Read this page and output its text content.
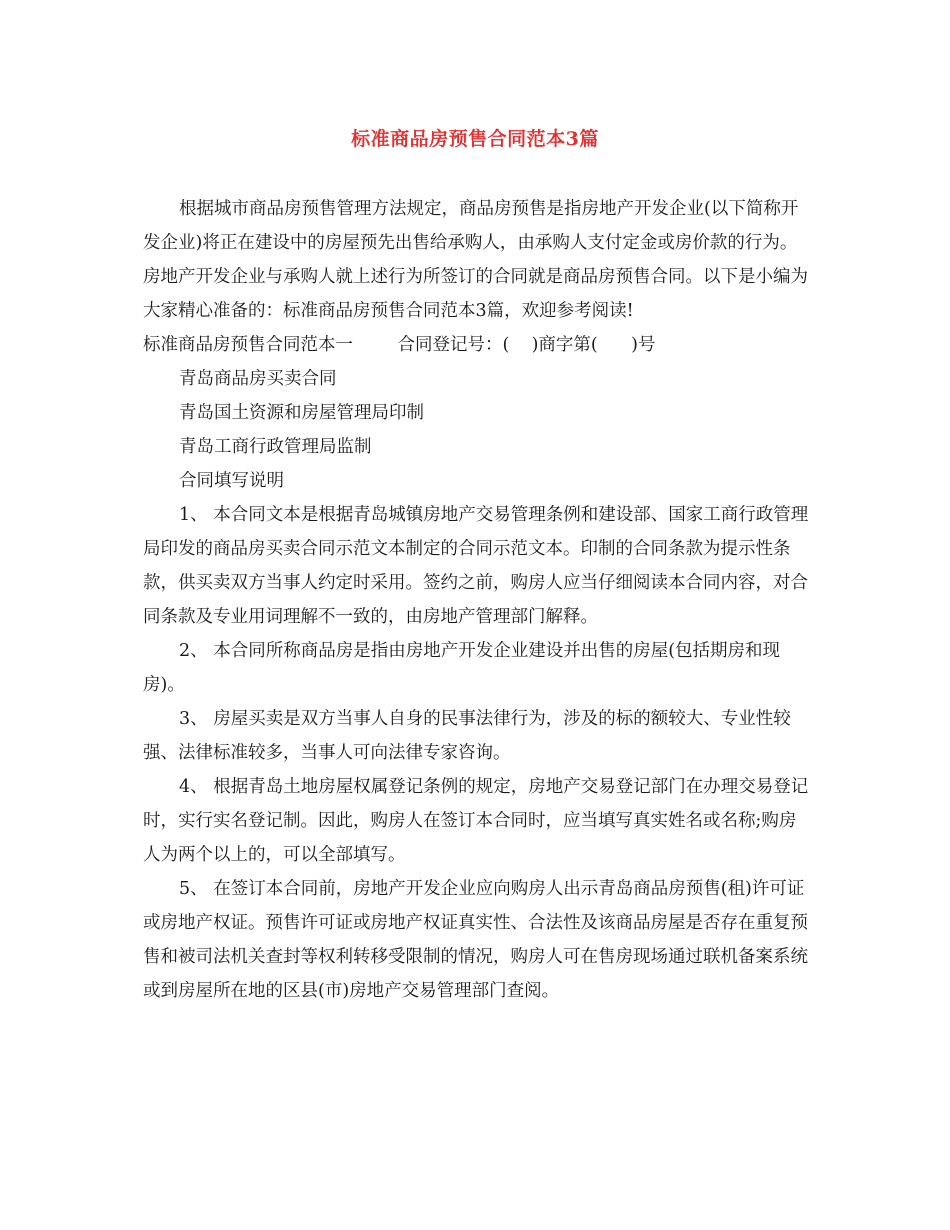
标准商品房预售合同范本3篇

根据城市商品房预售管理方法规定，商品房预售是指房地产开发企业(以下简称开发企业)将正在建设中的房屋预先出售给承购人，由承购人支付定金或房价款的行为。房地产开发企业与承购人就上述行为所签订的合同就是商品房预售合同。以下是小编为大家精心准备的：标准商品房预售合同范本3篇，欢迎参考阅读!

标准商品房预售合同范本一	合同登记号：(    )商字第(      )号

青岛商品房买卖合同

青岛国土资源和房屋管理局印制

青岛工商行政管理局监制

合同填写说明

1、 本合同文本是根据青岛城镇房地产交易管理条例和建设部、国家工商行政管理局印发的商品房买卖合同示范文本制定的合同示范文本。印制的合同条款为提示性条款，供买卖双方当事人约定时采用。签约之前，购房人应当仔细阅读本合同内容，对合同条款及专业用词理解不一致的，由房地产管理部门解释。

2、 本合同所称商品房是指由房地产开发企业建设并出售的房屋(包括期房和现房)。

3、 房屋买卖是双方当事人自身的民事法律行为，涉及的标的额较大、专业性较强、法律标准较多，当事人可向法律专家咨询。

4、 根据青岛土地房屋权属登记条例的规定，房地产交易登记部门在办理交易登记时，实行实名登记制。因此，购房人在签订本合同时，应当填写真实姓名或名称;购房人为两个以上的，可以全部填写。

5、 在签订本合同前，房地产开发企业应向购房人出示青岛商品房预售(租)许可证或房地产权证。预售许可证或房地产权证真实性、合法性及该商品房屋是否存在重复预售和被司法机关查封等权利转移受限制的情况，购房人可在售房现场通过联机备案系统或到房屋所在地的区县(市)房地产交易管理部门查阅。
